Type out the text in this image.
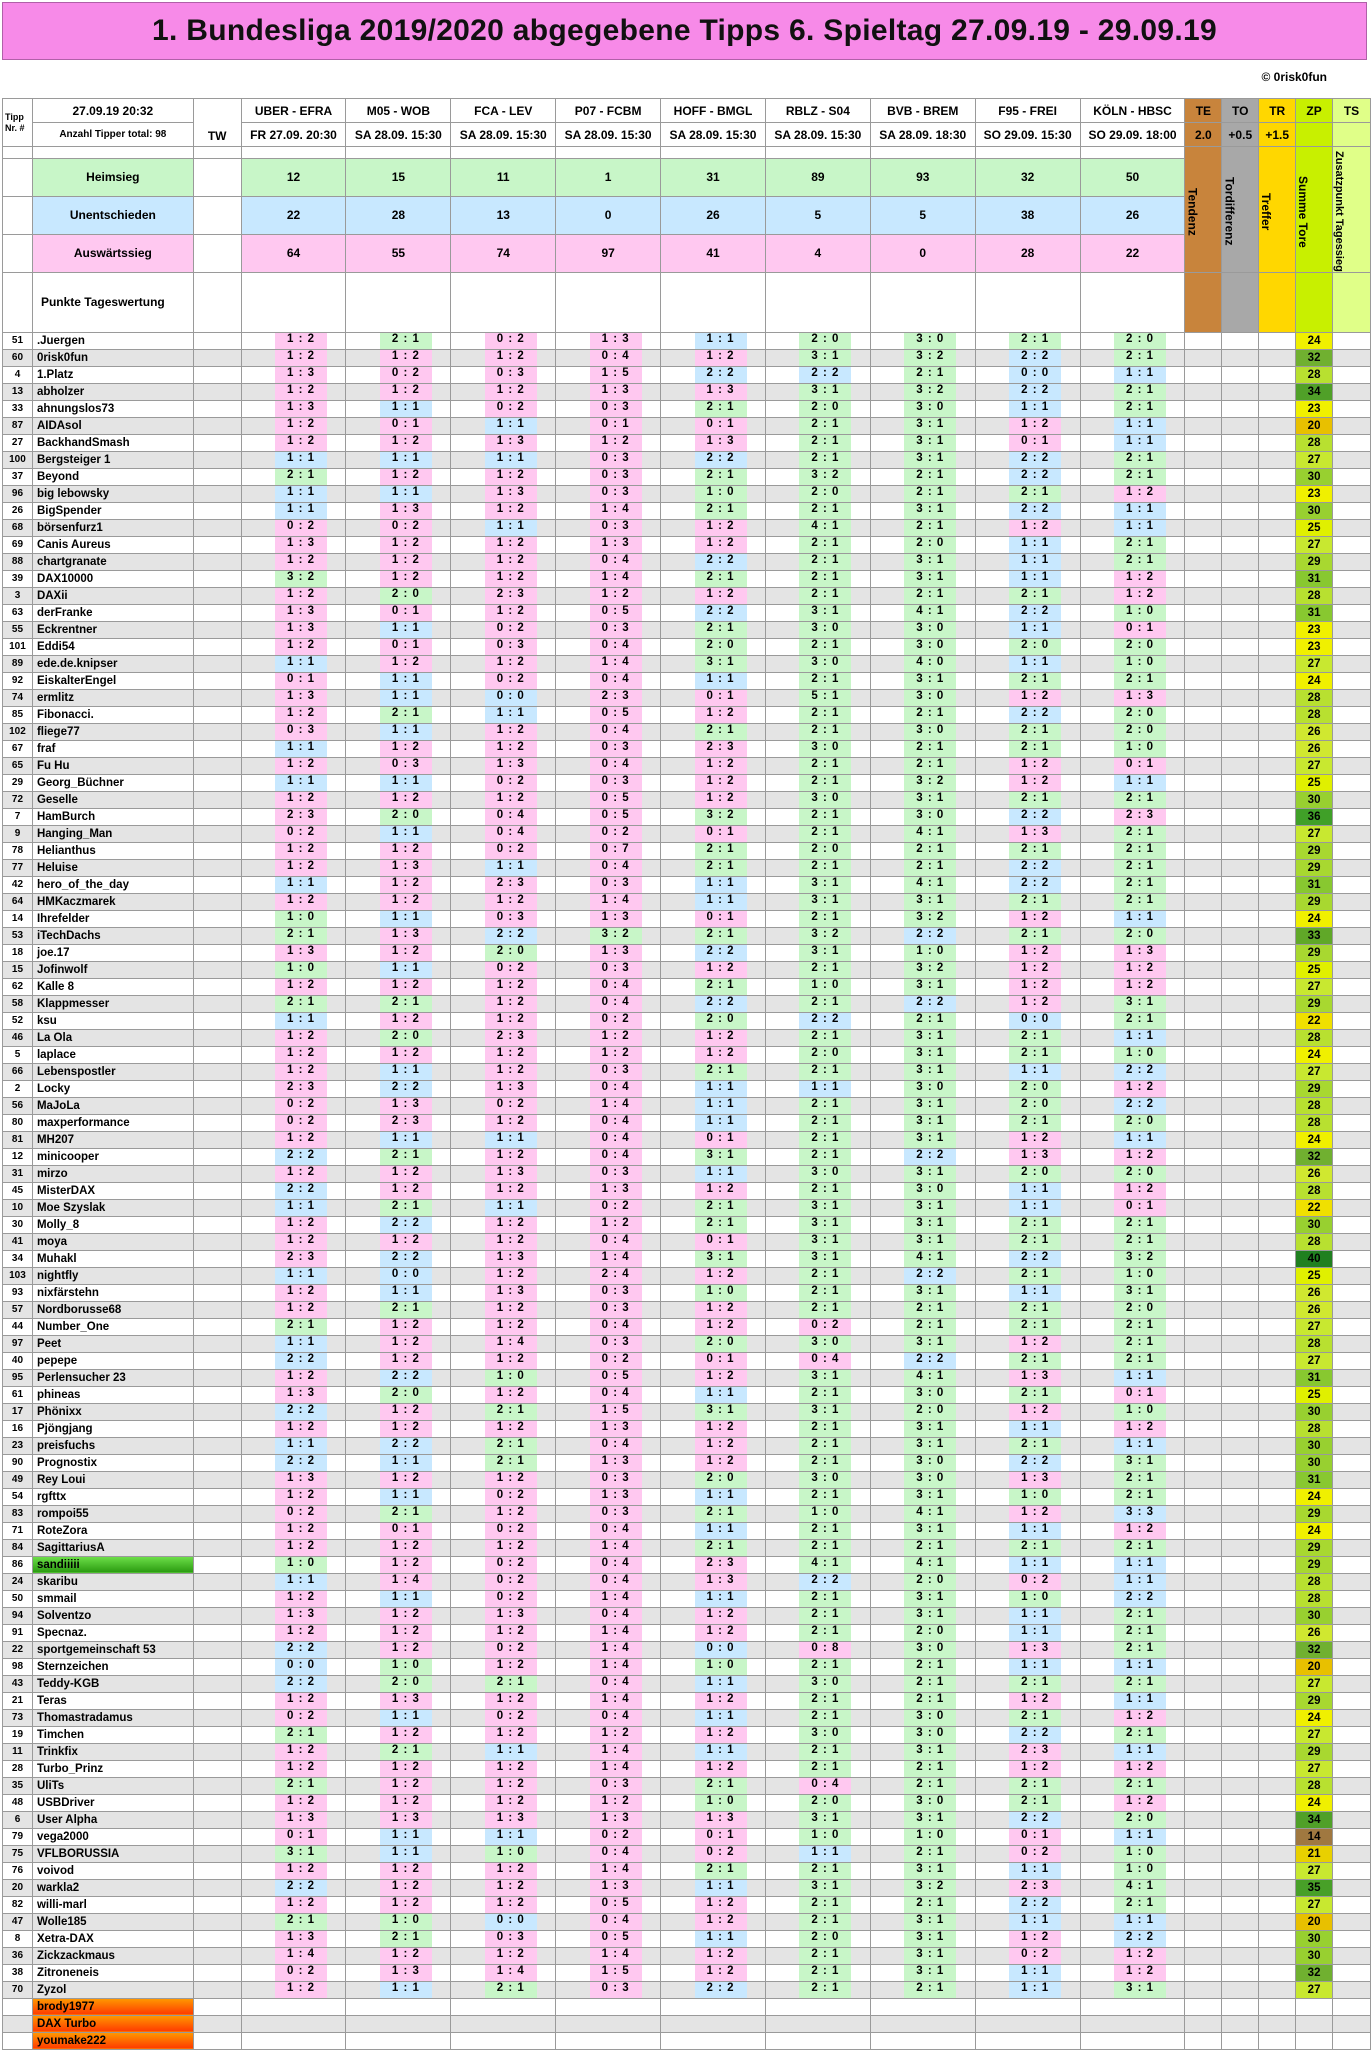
1. Bundesliga 2019/2020 abgegebene Tipps 6. Spieltag 27.09.19 - 29.09.19
© 0risk0fun
Tipp Nr. #	27.09.19 20:32	TW	UBER - EFRA	M05 - WOB	FCA - LEV	P07 - FCBM	HOFF - BMGL	RBLZ - S04	BVB - BREM	F95 - FREI	KÖLN - HBSC	TE	TO	TR	ZP	TS
	Anzahl Tipper total: 98		FR 27.09. 20:30	SA 28.09. 15:30	SA 28.09. 15:30	SA 28.09. 15:30	SA 28.09. 15:30	SA 28.09. 15:30	SA 28.09. 18:30	SO 29.09. 15:30	SO 29.09. 18:00	2.0	+0.5	+1.5		

												Tendenz	Tordifferenz	Treffer	Summe Tore	Zusatzpunkt Tagessieg

	Heimsieg		12	15	11	1	31	89	93	32	50					
	Unentschieden		22	28	13	0	26	5	5	38	26					
	Auswärtssieg		64	55	74	97	41	4	0	28	22					
	Punkte Tageswertung															
51	.Juergen		1 : 2	2 : 1	0 : 2	1 : 3	1 : 1	2 : 0	3 : 0	2 : 1	2 : 0				24	
60	0risk0fun		1 : 2	1 : 2	1 : 2	0 : 4	1 : 2	3 : 1	3 : 2	2 : 2	2 : 1				32	
4	1.Platz		1 : 3	0 : 2	0 : 3	1 : 5	2 : 2	2 : 2	2 : 1	0 : 0	1 : 1				28	
13	abholzer		1 : 2	1 : 2	1 : 2	1 : 3	1 : 3	3 : 1	3 : 2	2 : 2	2 : 1				34	
33	ahnungslos73		1 : 3	1 : 1	0 : 2	0 : 3	2 : 1	2 : 0	3 : 0	1 : 1	2 : 1				23	
87	AIDAsol		1 : 2	0 : 1	1 : 1	0 : 1	0 : 1	2 : 1	3 : 1	1 : 2	1 : 1				20	
27	BackhandSmash		1 : 2	1 : 2	1 : 3	1 : 2	1 : 3	2 : 1	3 : 1	0 : 1	1 : 1				28	
100	Bergsteiger 1		1 : 1	1 : 1	1 : 1	0 : 3	2 : 2	2 : 1	3 : 1	2 : 2	2 : 1				27	
37	Beyond		2 : 1	1 : 2	1 : 2	0 : 3	2 : 1	3 : 2	2 : 1	2 : 2	2 : 1				30	
96	big lebowsky		1 : 1	1 : 1	1 : 3	0 : 3	1 : 0	2 : 0	2 : 1	2 : 1	1 : 2				23	
26	BigSpender		1 : 1	1 : 3	1 : 2	1 : 4	2 : 1	2 : 1	3 : 1	2 : 2	1 : 1				30	
68	börsenfurz1		0 : 2	0 : 2	1 : 1	0 : 3	1 : 2	4 : 1	2 : 1	1 : 2	1 : 1				25	
69	Canis Aureus		1 : 3	1 : 2	1 : 2	1 : 3	1 : 2	2 : 1	2 : 0	1 : 1	2 : 1				27	
88	chartgranate		1 : 2	1 : 2	1 : 2	0 : 4	2 : 2	2 : 1	3 : 1	1 : 1	2 : 1				29	
39	DAX10000		3 : 2	1 : 2	1 : 2	1 : 4	2 : 1	2 : 1	3 : 1	1 : 1	1 : 2				31	
3	DAXii		1 : 2	2 : 0	2 : 3	1 : 2	1 : 2	2 : 1	2 : 1	2 : 1	1 : 2				28	
63	derFranke		1 : 3	0 : 1	1 : 2	0 : 5	2 : 2	3 : 1	4 : 1	2 : 2	1 : 0				31	
55	Eckrentner		1 : 3	1 : 1	0 : 2	0 : 3	2 : 1	3 : 0	3 : 0	1 : 1	0 : 1				23	
101	Eddi54		1 : 2	0 : 1	0 : 3	0 : 4	2 : 0	2 : 1	3 : 0	2 : 0	2 : 0				23	
89	ede.de.knipser		1 : 1	1 : 2	1 : 2	1 : 4	3 : 1	3 : 0	4 : 0	1 : 1	1 : 0				27	
92	EiskalterEngel		0 : 1	1 : 1	0 : 2	0 : 4	1 : 1	2 : 1	3 : 1	2 : 1	2 : 1				24	
74	ermlitz		1 : 3	1 : 1	0 : 0	2 : 3	0 : 1	5 : 1	3 : 0	1 : 2	1 : 3				28	
85	Fibonacci.		1 : 2	2 : 1	1 : 1	0 : 5	1 : 2	2 : 1	2 : 1	2 : 2	2 : 0				28	
102	fliege77		0 : 3	1 : 1	1 : 2	0 : 4	2 : 1	2 : 1	3 : 0	2 : 1	2 : 0				26	
67	fraf		1 : 1	1 : 2	1 : 2	0 : 3	2 : 3	3 : 0	2 : 1	2 : 1	1 : 0				26	
65	Fu Hu		1 : 2	0 : 3	1 : 3	0 : 4	1 : 2	2 : 1	2 : 1	1 : 2	0 : 1				27	
29	Georg_Büchner		1 : 1	1 : 1	0 : 2	0 : 3	1 : 2	2 : 1	3 : 2	1 : 2	1 : 1				25	
72	Geselle		1 : 2	1 : 2	1 : 2	0 : 5	1 : 2	3 : 0	3 : 1	2 : 1	2 : 1				30	
7	HamBurch		2 : 3	2 : 0	0 : 4	0 : 5	3 : 2	2 : 1	3 : 0	2 : 2	2 : 3				36	
9	Hanging_Man		0 : 2	1 : 1	0 : 4	0 : 2	0 : 1	2 : 1	4 : 1	1 : 3	2 : 1				27	
78	Helianthus		1 : 2	1 : 2	0 : 2	0 : 7	2 : 1	2 : 0	2 : 1	2 : 1	2 : 1				29	
77	Heluise		1 : 2	1 : 3	1 : 1	0 : 4	2 : 1	2 : 1	2 : 1	2 : 2	2 : 1				29	
42	hero_of_the_day		1 : 1	1 : 2	2 : 3	0 : 3	1 : 1	3 : 1	4 : 1	2 : 2	2 : 1				31	
64	HMKaczmarek		1 : 2	1 : 2	1 : 2	1 : 4	1 : 1	3 : 1	3 : 1	2 : 1	2 : 1				29	
14	Ihrefelder		1 : 0	1 : 1	0 : 3	1 : 3	0 : 1	2 : 1	3 : 2	1 : 2	1 : 1				24	
53	iTechDachs		2 : 1	1 : 3	2 : 2	3 : 2	2 : 1	3 : 2	2 : 2	2 : 1	2 : 0				33	
18	joe.17		1 : 3	1 : 2	2 : 0	1 : 3	2 : 2	3 : 1	1 : 0	1 : 2	1 : 3				29	
15	Jofinwolf		1 : 0	1 : 1	0 : 2	0 : 3	1 : 2	2 : 1	3 : 2	1 : 2	1 : 2				25	
62	Kalle 8		1 : 2	1 : 2	1 : 2	0 : 4	2 : 1	1 : 0	3 : 1	1 : 2	1 : 2				27	
58	Klappmesser		2 : 1	2 : 1	1 : 2	0 : 4	2 : 2	2 : 1	2 : 2	1 : 2	3 : 1				29	
52	ksu		1 : 1	1 : 2	1 : 2	0 : 2	2 : 0	2 : 2	2 : 1	0 : 0	2 : 1				22	
46	La Ola		1 : 2	2 : 0	2 : 3	1 : 2	1 : 2	2 : 1	3 : 1	2 : 1	1 : 1				28	
5	laplace		1 : 2	1 : 2	1 : 2	1 : 2	1 : 2	2 : 0	3 : 1	2 : 1	1 : 0				24	
66	Lebenspostler		1 : 2	1 : 1	1 : 2	0 : 3	2 : 1	2 : 1	3 : 1	1 : 1	2 : 2				27	
2	Locky		2 : 3	2 : 2	1 : 3	0 : 4	1 : 1	1 : 1	3 : 0	2 : 0	1 : 2				29	
56	MaJoLa		0 : 2	1 : 3	0 : 2	1 : 4	1 : 1	2 : 1	3 : 1	2 : 0	2 : 2				28	
80	maxperformance		0 : 2	2 : 3	1 : 2	0 : 4	1 : 1	2 : 1	3 : 1	2 : 1	2 : 0				28	
81	MH207		1 : 2	1 : 1	1 : 1	0 : 4	0 : 1	2 : 1	3 : 1	1 : 2	1 : 1				24	
12	minicooper		2 : 2	2 : 1	1 : 2	0 : 4	3 : 1	2 : 1	2 : 2	1 : 3	1 : 2				32	
31	mirzo		1 : 2	1 : 2	1 : 3	0 : 3	1 : 1	3 : 0	3 : 1	2 : 0	2 : 0				26	
45	MisterDAX		2 : 2	1 : 2	1 : 2	1 : 3	1 : 2	2 : 1	3 : 0	1 : 1	1 : 2				28	
10	Moe Szyslak		1 : 1	2 : 1	1 : 1	0 : 2	2 : 1	3 : 1	3 : 1	1 : 1	0 : 1				22	
30	Molly_8		1 : 2	2 : 2	1 : 2	1 : 2	2 : 1	3 : 1	3 : 1	2 : 1	2 : 1				30	
41	moya		1 : 2	1 : 2	1 : 2	0 : 4	0 : 1	3 : 1	3 : 1	2 : 1	2 : 1				28	
34	Muhakl		2 : 3	2 : 2	1 : 3	1 : 4	3 : 1	3 : 1	4 : 1	2 : 2	3 : 2				40	
103	nightfly		1 : 1	0 : 0	1 : 2	2 : 4	1 : 2	2 : 1	2 : 2	2 : 1	1 : 0				25	
93	nixfärstehn		1 : 2	1 : 1	1 : 3	0 : 3	1 : 0	2 : 1	3 : 1	1 : 1	3 : 1				26	
57	Nordborusse68		1 : 2	2 : 1	1 : 2	0 : 3	1 : 2	2 : 1	2 : 1	2 : 1	2 : 0				26	
44	Number_One		2 : 1	1 : 2	1 : 2	0 : 4	1 : 2	0 : 2	2 : 1	2 : 1	2 : 1				27	
97	Peet		1 : 1	1 : 2	1 : 4	0 : 3	2 : 0	3 : 0	3 : 1	1 : 2	2 : 1				28	
40	pepepe		2 : 2	1 : 2	1 : 2	0 : 2	0 : 1	0 : 4	2 : 2	2 : 1	2 : 1				27	
95	Perlensucher 23		1 : 2	2 : 2	1 : 0	0 : 5	1 : 2	3 : 1	4 : 1	1 : 3	1 : 1				31	
61	phineas		1 : 3	2 : 0	1 : 2	0 : 4	1 : 1	2 : 1	3 : 0	2 : 1	0 : 1				25	
17	Phönixx		2 : 2	1 : 2	2 : 1	1 : 5	3 : 1	3 : 1	2 : 0	1 : 2	1 : 0				30	
16	Pjöngjang		1 : 2	1 : 2	1 : 2	1 : 3	1 : 2	2 : 1	3 : 1	1 : 1	1 : 2				28	
23	preisfuchs		1 : 1	2 : 2	2 : 1	0 : 4	1 : 2	2 : 1	3 : 1	2 : 1	1 : 1				30	
90	Prognostix		2 : 2	1 : 1	2 : 1	1 : 3	1 : 2	2 : 1	3 : 0	2 : 2	3 : 1				30	
49	Rey Loui		1 : 3	1 : 2	1 : 2	0 : 3	2 : 0	3 : 0	3 : 0	1 : 3	2 : 1				31	
54	rgfttx		1 : 2	1 : 1	0 : 2	1 : 3	1 : 1	2 : 1	3 : 1	1 : 0	2 : 1				24	
83	rompoi55		0 : 2	2 : 1	1 : 2	0 : 3	2 : 1	1 : 0	4 : 1	1 : 2	3 : 3				29	
71	RoteZora		1 : 2	0 : 1	0 : 2	0 : 4	1 : 1	2 : 1	3 : 1	1 : 1	1 : 2				24	
84	SagittariusA		1 : 2	1 : 2	1 : 2	1 : 4	2 : 1	2 : 1	2 : 1	2 : 1	2 : 1				29	
86	sandiiiii		1 : 0	1 : 2	0 : 2	0 : 4	2 : 3	4 : 1	4 : 1	1 : 1	1 : 1				29	
24	skaribu		1 : 1	1 : 4	0 : 2	0 : 4	1 : 3	2 : 2	2 : 0	0 : 2	1 : 1				28	
50	smmail		1 : 2	1 : 1	0 : 2	1 : 4	1 : 1	2 : 1	3 : 1	1 : 0	2 : 2				28	
94	Solventzo		1 : 3	1 : 2	1 : 3	0 : 4	1 : 2	2 : 1	3 : 1	1 : 1	2 : 1				30	
91	Specnaz.		1 : 2	1 : 2	1 : 2	1 : 4	1 : 2	2 : 1	2 : 0	1 : 1	2 : 1				26	
22	sportgemeinschaft 53		2 : 2	1 : 2	0 : 2	1 : 4	0 : 0	0 : 8	3 : 0	1 : 3	2 : 1				32	
98	Sternzeichen		0 : 0	1 : 0	1 : 2	1 : 4	1 : 0	2 : 1	2 : 1	1 : 1	1 : 1				20	
43	Teddy-KGB		2 : 2	2 : 0	2 : 1	0 : 4	1 : 1	3 : 0	2 : 1	2 : 1	2 : 1				27	
21	Teras		1 : 2	1 : 3	1 : 2	1 : 4	1 : 2	2 : 1	2 : 1	1 : 2	1 : 1				29	
73	Thomastradamus		0 : 2	1 : 1	0 : 2	0 : 4	1 : 1	2 : 1	3 : 0	2 : 1	1 : 2				24	
19	Timchen		2 : 1	1 : 2	1 : 2	1 : 2	1 : 2	3 : 0	3 : 0	2 : 2	2 : 1				27	
11	Trinkfix		1 : 2	2 : 1	1 : 1	1 : 4	1 : 1	2 : 1	3 : 1	2 : 3	1 : 1				29	
28	Turbo_Prinz		1 : 2	1 : 2	1 : 2	1 : 4	1 : 2	2 : 1	2 : 1	1 : 2	1 : 2				27	
35	UliTs		2 : 1	1 : 2	1 : 2	0 : 3	2 : 1	0 : 4	2 : 1	2 : 1	2 : 1				28	
48	USBDriver		1 : 2	1 : 2	1 : 2	1 : 2	1 : 0	2 : 0	3 : 0	2 : 1	1 : 2				24	
6	User Alpha		1 : 3	1 : 3	1 : 3	1 : 3	1 : 3	3 : 1	3 : 1	2 : 2	2 : 0				34	
79	vega2000		0 : 1	1 : 1	1 : 1	0 : 2	0 : 1	1 : 0	1 : 0	0 : 1	1 : 1				14	
75	VFLBORUSSIA		3 : 1	1 : 1	1 : 0	0 : 4	0 : 2	1 : 1	2 : 1	0 : 2	1 : 0				21	
76	voivod		1 : 2	1 : 2	1 : 2	1 : 4	2 : 1	2 : 1	3 : 1	1 : 1	1 : 0				27	
20	warkla2		2 : 2	1 : 2	1 : 2	1 : 3	1 : 1	3 : 1	3 : 2	2 : 3	4 : 1				35	
82	willi-marl		1 : 2	1 : 2	1 : 2	0 : 5	1 : 2	2 : 1	2 : 1	2 : 2	2 : 1				27	
47	Wolle185		2 : 1	1 : 0	0 : 0	0 : 4	1 : 2	2 : 1	3 : 1	1 : 1	1 : 1				20	
8	Xetra-DAX		1 : 3	2 : 1	0 : 3	0 : 5	1 : 1	2 : 0	3 : 1	1 : 2	2 : 2				30	
36	Zickzackmaus		1 : 4	1 : 2	1 : 2	1 : 4	1 : 2	2 : 1	3 : 1	0 : 2	1 : 2				30	
38	Zitroneneis		0 : 2	1 : 3	1 : 4	1 : 5	1 : 2	2 : 1	3 : 1	1 : 1	1 : 2				32	
70	Zyzol		1 : 2	1 : 1	2 : 1	0 : 3	2 : 2	2 : 1	2 : 1	1 : 1	3 : 1				27	
	brody1977															
	DAX Turbo															
	youmake222															
